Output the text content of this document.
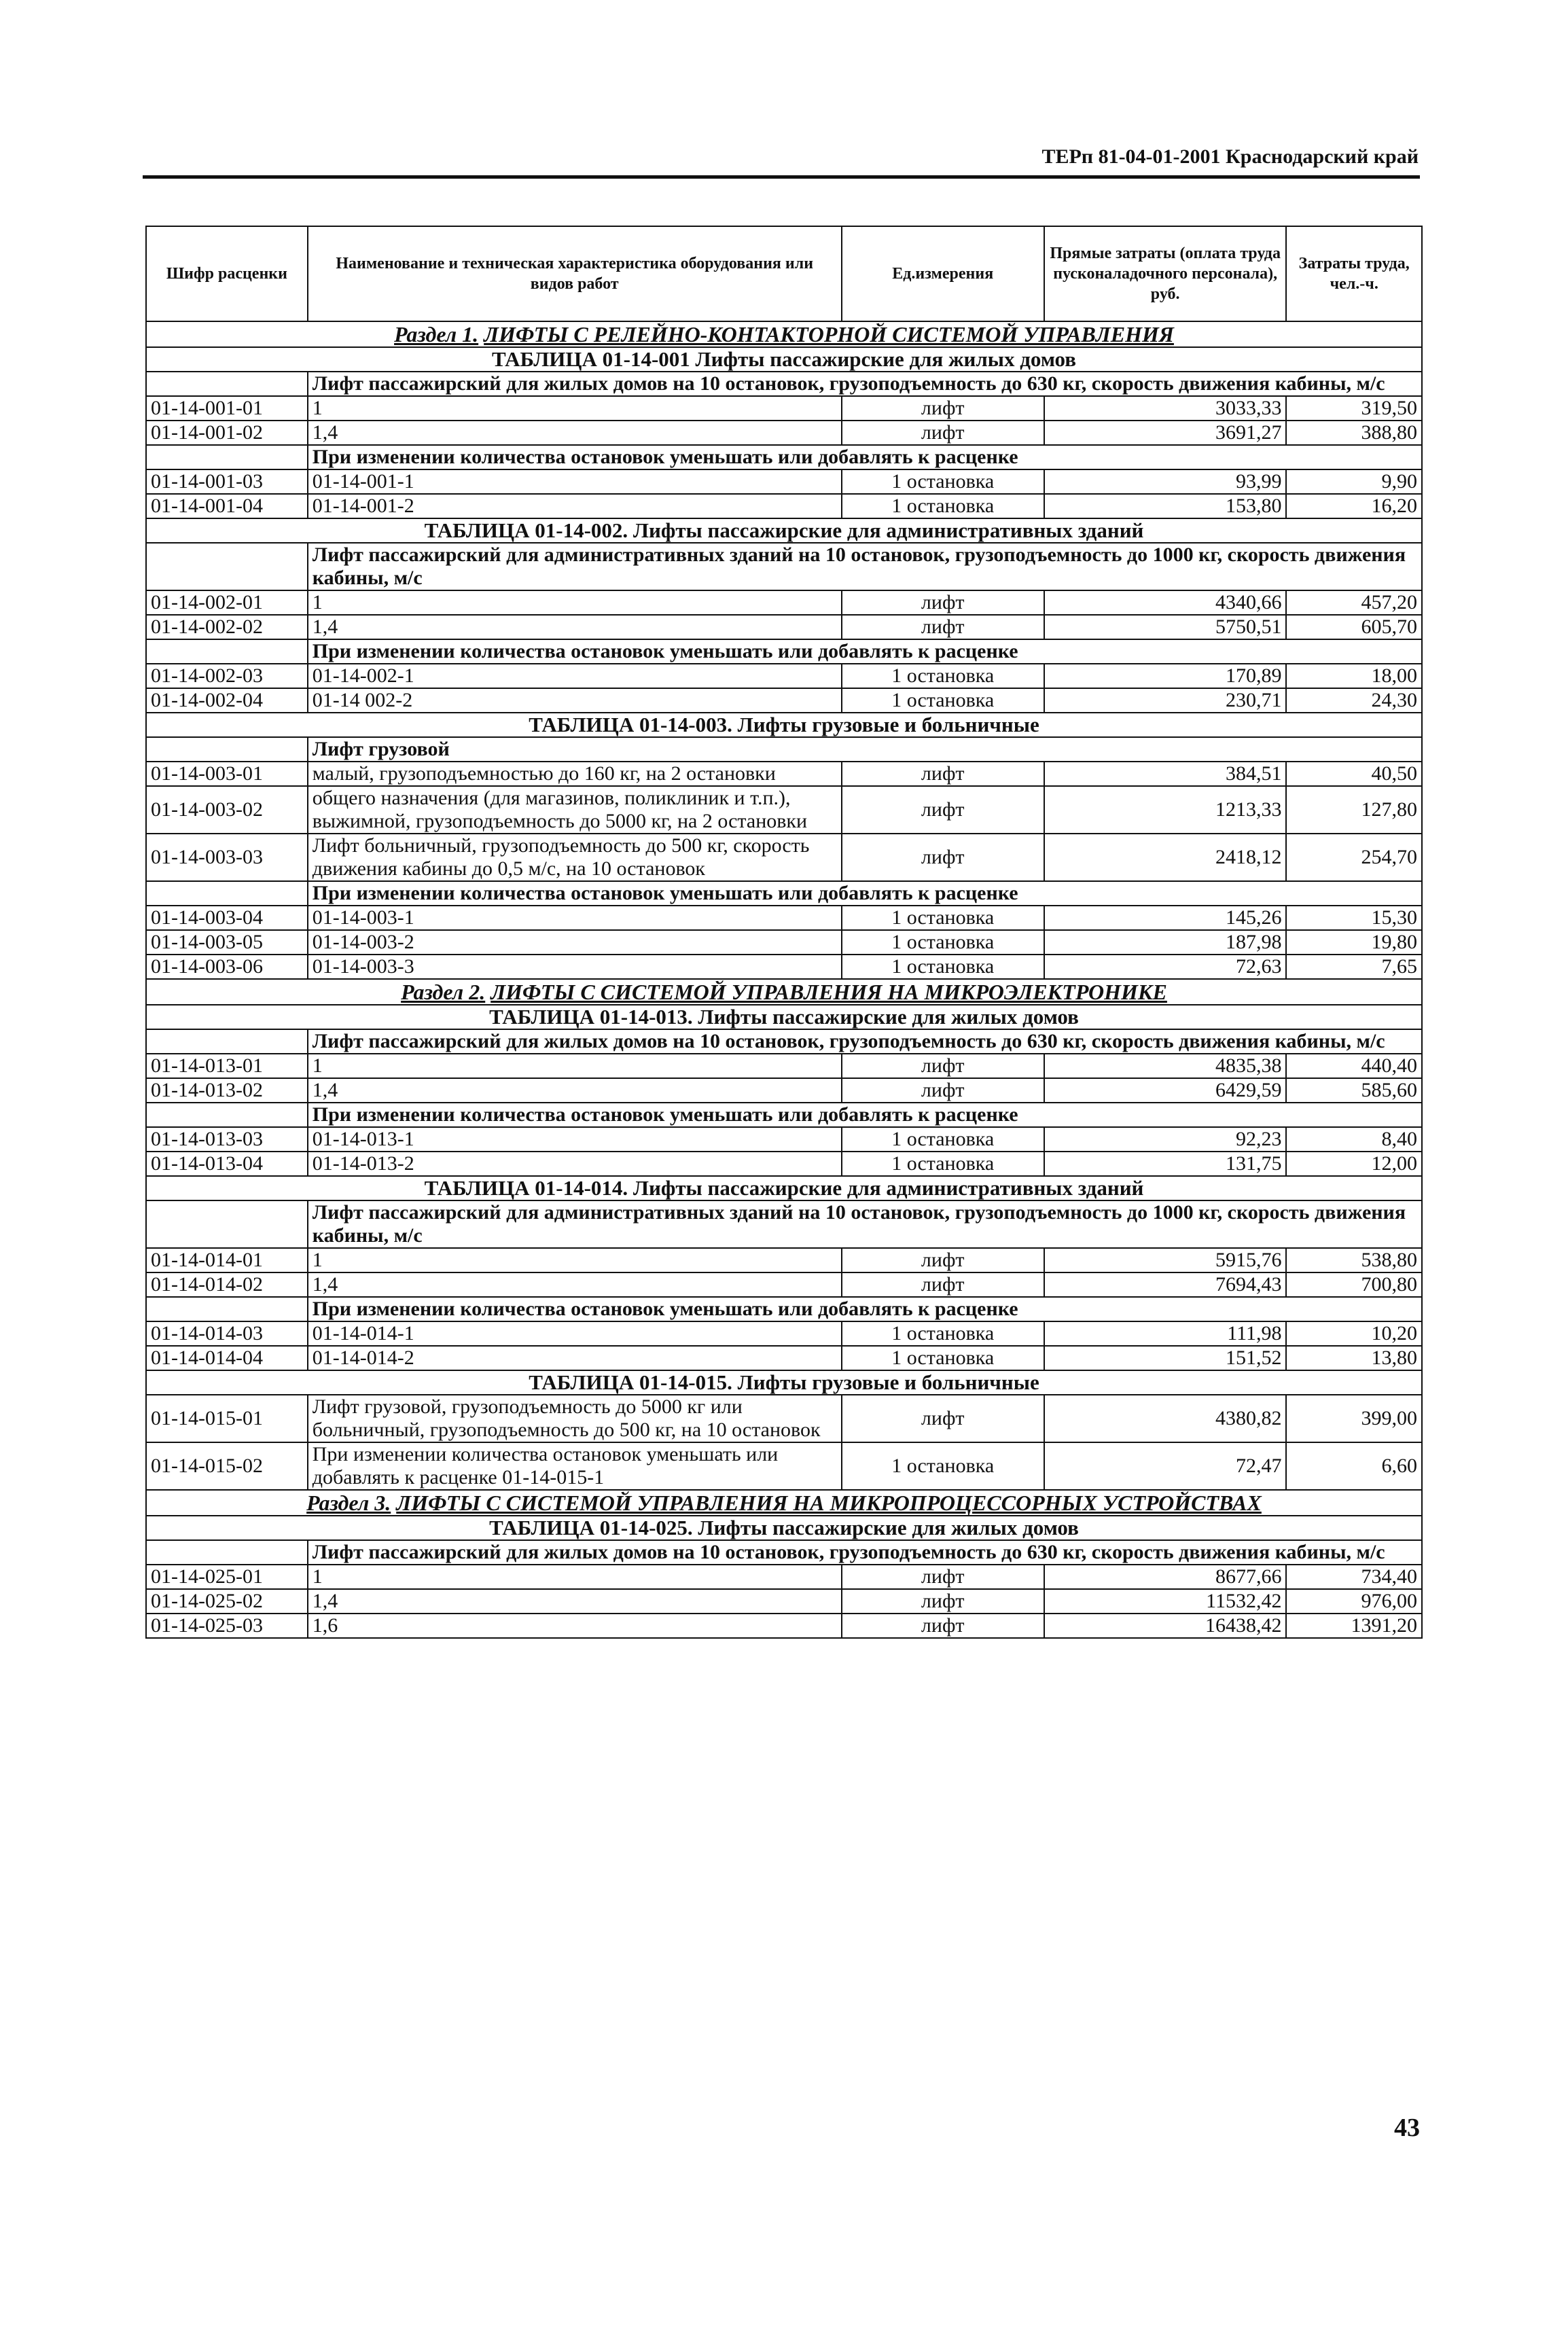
ТЕРп 81-04-01-2001 Краснодарский край
Шифр расценки	Наименование и техническая характеристика оборудования или видов работ	Ед.измерения	Прямые затраты (оплата труда пусконаладочного персонала), руб.	Затраты труда, чел.-ч.
Раздел 1. ЛИФТЫ С РЕЛЕЙНО-КОНТАКТОРНОЙ СИСТЕМОЙ УПРАВЛЕНИЯ				
ТАБЛИЦА 01-14-001 Лифты пассажирские для жилых домов				
	Лифт пассажирский для жилых домов на 10 остановок, грузоподъемность до 630 кг, скорость движения кабины, м/с			
01-14-001-01	1	лифт	3033,33	319,50
01-14-001-02	1,4	лифт	3691,27	388,80
	При изменении количества остановок уменьшать или добавлять к расценке			
01-14-001-03	01-14-001-1	1 остановка	93,99	9,90
01-14-001-04	01-14-001-2	1 остановка	153,80	16,20
ТАБЛИЦА 01-14-002. Лифты пассажирские для административных зданий				
	Лифт пассажирский для административных зданий на 10 остановок, грузоподъемность до 1000 кг, скорость движения кабины, м/с			
01-14-002-01	1	лифт	4340,66	457,20
01-14-002-02	1,4	лифт	5750,51	605,70
	При изменении количества остановок уменьшать или добавлять к расценке			
01-14-002-03	01-14-002-1	1 остановка	170,89	18,00
01-14-002-04	01-14 002-2	1 остановка	230,71	24,30
ТАБЛИЦА 01-14-003. Лифты грузовые и больничные				
	Лифт грузовой			
01-14-003-01	малый, грузоподъемностью до 160 кг, на 2 остановки	лифт	384,51	40,50
01-14-003-02	общего назначения (для магазинов, поликлиник и т.п.), выжимной, грузоподъемность до 5000 кг, на 2 остановки	лифт	1213,33	127,80
01-14-003-03	Лифт больничный, грузоподъемность до 500 кг, скорость движения кабины до 0,5 м/с, на 10 остановок	лифт	2418,12	254,70
	При изменении количества остановок уменьшать или добавлять к расценке			
01-14-003-04	01-14-003-1	1 остановка	145,26	15,30
01-14-003-05	01-14-003-2	1 остановка	187,98	19,80
01-14-003-06	01-14-003-3	1 остановка	72,63	7,65
Раздел 2. ЛИФТЫ С СИСТЕМОЙ УПРАВЛЕНИЯ НА МИКРОЭЛЕКТРОНИКЕ				
ТАБЛИЦА 01-14-013. Лифты пассажирские для жилых домов				
	Лифт пассажирский для жилых домов на 10 остановок, грузоподъемность до 630 кг, скорость движения кабины, м/с			
01-14-013-01	1	лифт	4835,38	440,40
01-14-013-02	1,4	лифт	6429,59	585,60
	При изменении количества остановок уменьшать или добавлять к расценке			
01-14-013-03	01-14-013-1	1 остановка	92,23	8,40
01-14-013-04	01-14-013-2	1 остановка	131,75	12,00
ТАБЛИЦА 01-14-014. Лифты пассажирские для административных зданий				
	Лифт пассажирский для административных зданий на 10 остановок, грузоподъемность до 1000 кг, скорость движения кабины, м/с			
01-14-014-01	1	лифт	5915,76	538,80
01-14-014-02	1,4	лифт	7694,43	700,80
	При изменении количества остановок уменьшать или добавлять к расценке			
01-14-014-03	01-14-014-1	1 остановка	111,98	10,20
01-14-014-04	01-14-014-2	1 остановка	151,52	13,80
ТАБЛИЦА 01-14-015. Лифты грузовые и больничные				
01-14-015-01	Лифт грузовой, грузоподъемность до 5000 кг или больничный, грузоподъемность до 500 кг, на 10 остановок	лифт	4380,82	399,00
01-14-015-02	При изменении количества остановок уменьшать или добавлять к расценке 01-14-015-1	1 остановка	72,47	6,60
Раздел 3. ЛИФТЫ С СИСТЕМОЙ УПРАВЛЕНИЯ НА МИКРОПРОЦЕССОРНЫХ УСТРОЙСТВАХ				
ТАБЛИЦА 01-14-025. Лифты пассажирские для жилых домов				
	Лифт пассажирский для жилых домов на 10 остановок, грузоподъемность до 630 кг, скорость движения кабины, м/с			
01-14-025-01	1	лифт	8677,66	734,40
01-14-025-02	1,4	лифт	11532,42	976,00
01-14-025-03	1,6	лифт	16438,42	1391,20
43
